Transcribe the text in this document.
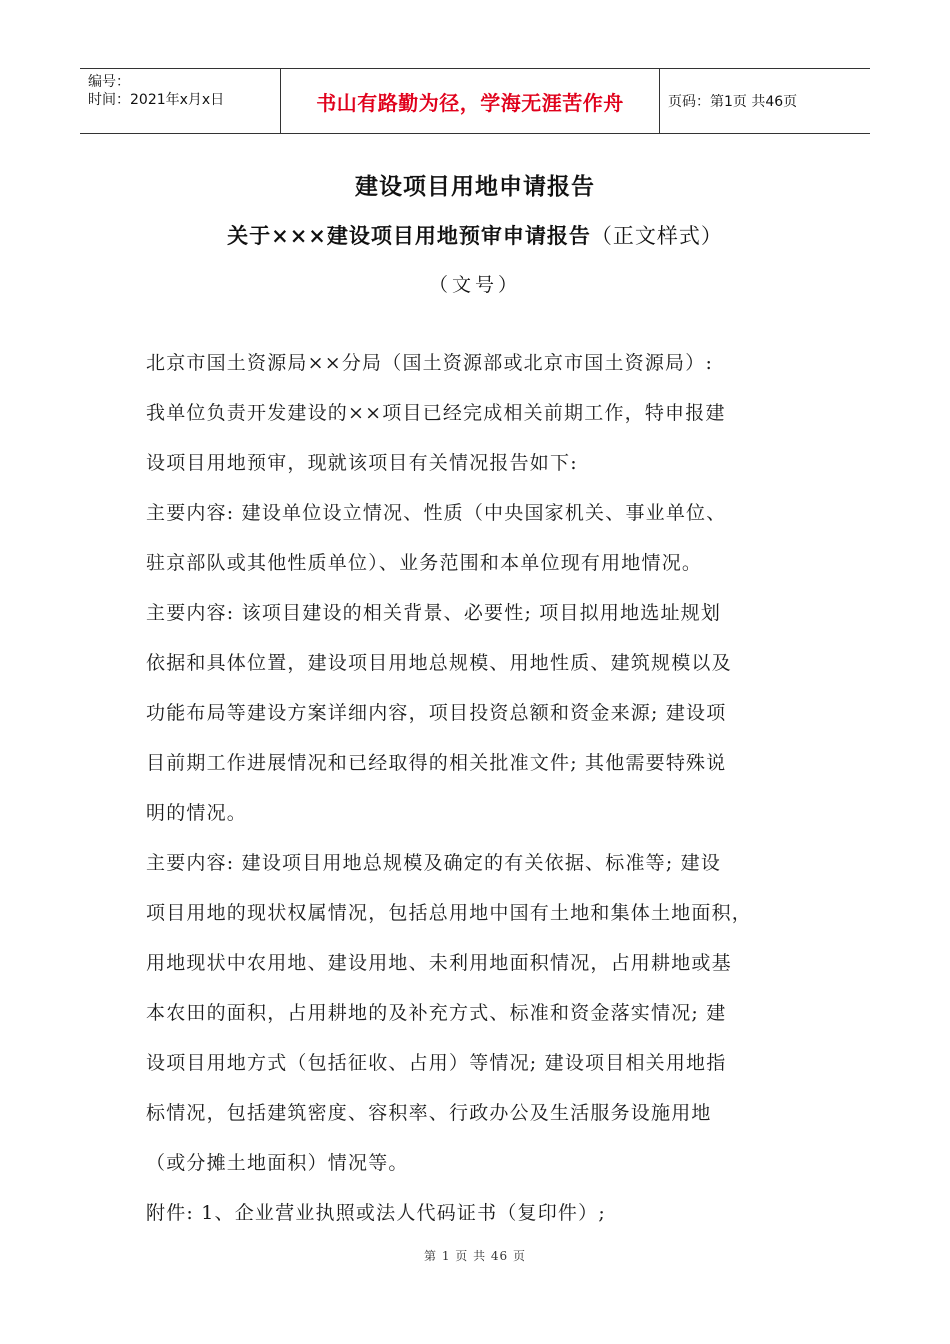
编号：
时间：2021年x月x日	书山有路勤为径，学海无涯苦作舟	页码：第1页 共46页
建设项目用地申请报告
关于×××建设项目用地预审申请报告（正文样式）
（文号）

北京市国土资源局××分局（国土资源部或北京市国土资源局）:

我单位负责开发建设的××项目已经完成相关前期工作，特申报建

设项目用地预审，现就该项目有关情况报告如下:

主要内容: 建设单位设立情况、性质（中央国家机关、事业单位、

驻京部队或其他性质单位）、业务范围和本单位现有用地情况。

主要内容: 该项目建设的相关背景、必要性; 项目拟用地选址规划

依据和具体位置，建设项目用地总规模、用地性质、建筑规模以及

功能布局等建设方案详细内容，项目投资总额和资金来源; 建设项

目前期工作进展情况和已经取得的相关批准文件; 其他需要特殊说

明的情况。

主要内容: 建设项目用地总规模及确定的有关依据、标准等; 建设

项目用地的现状权属情况，包括总用地中国有土地和集体土地面积，

用地现状中农用地、建设用地、未利用地面积情况，占用耕地或基

本农田的面积，占用耕地的及补充方式、标准和资金落实情况; 建

设项目用地方式（包括征收、占用）等情况; 建设项目相关用地指

标情况，包括建筑密度、容积率、行政办公及生活服务设施用地

（或分摊土地面积）情况等。

附件: 1、企业营业执照或法人代码证书（复印件）;

第 1 页 共 46 页
